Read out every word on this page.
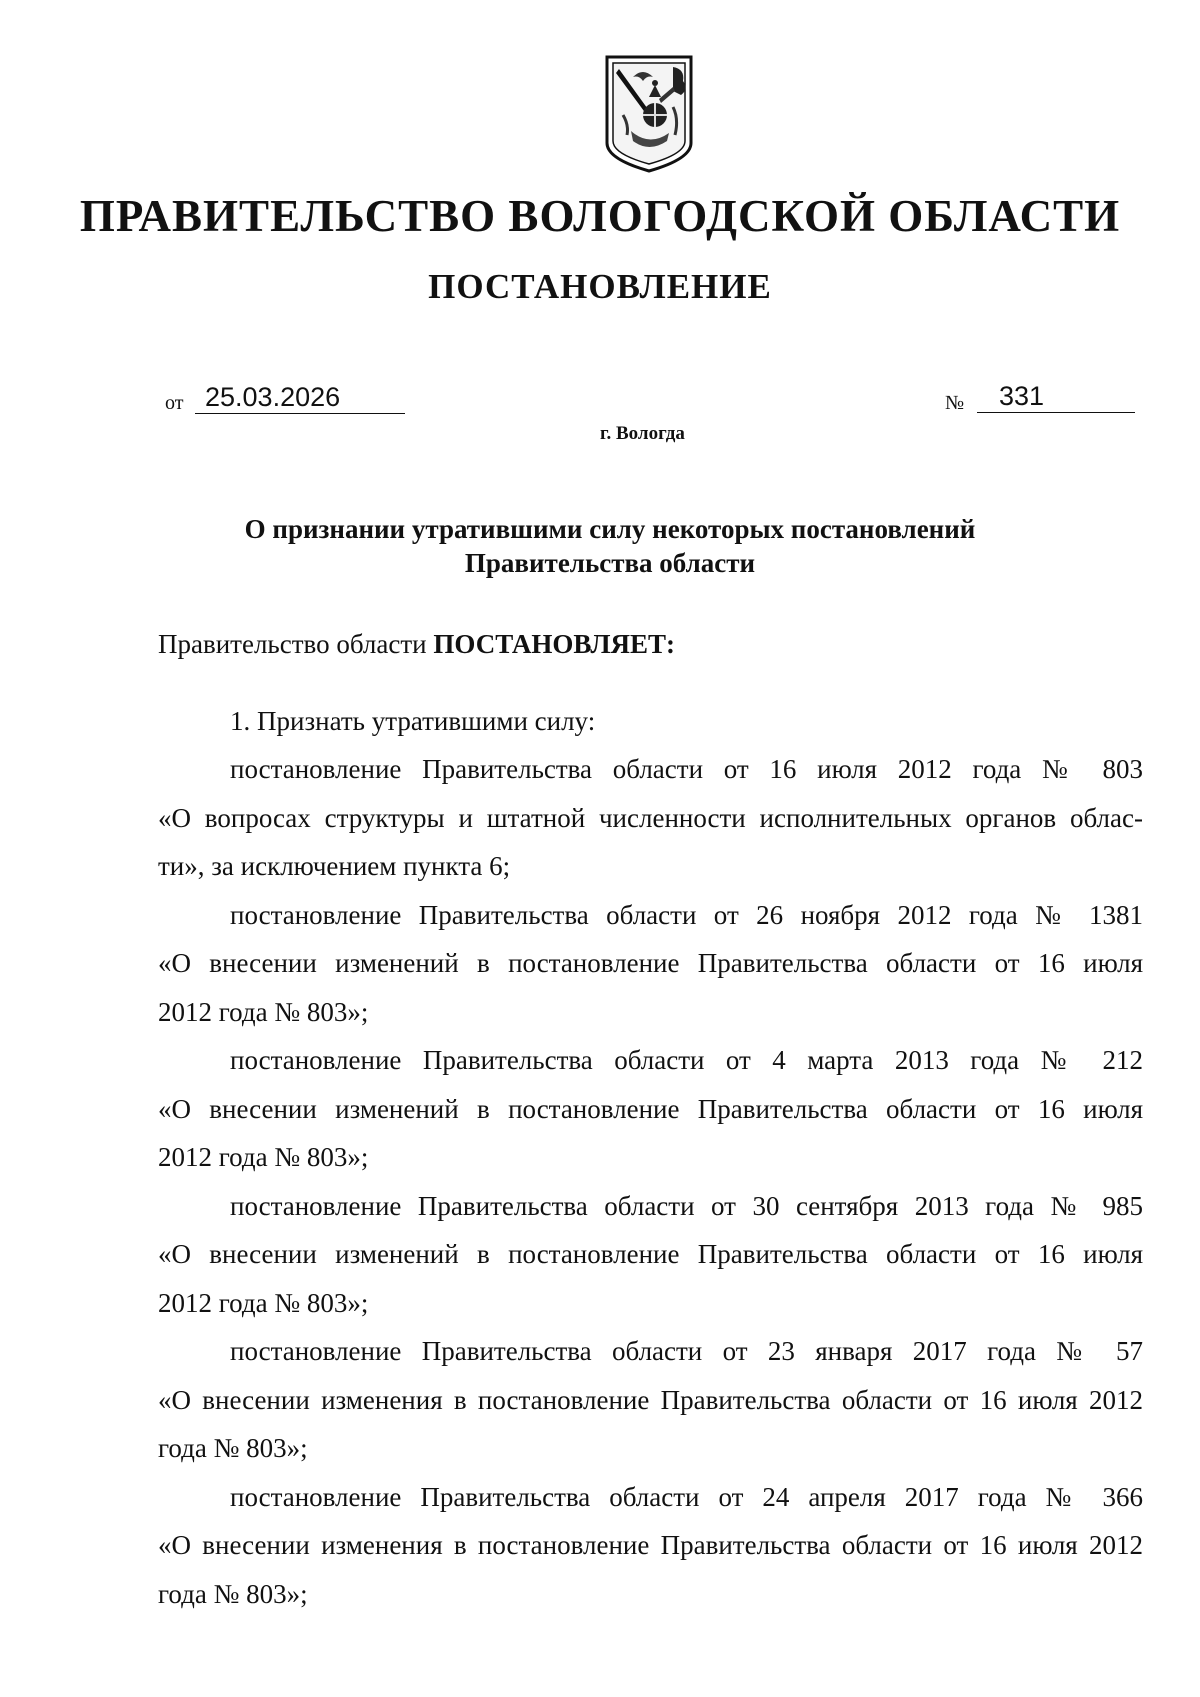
ПРАВИТЕЛЬСТВО ВОЛОГОДСКОЙ ОБЛАСТИ
ПОСТАНОВЛЕНИЕ
от 25.03.2026	№	331
г. Вологда
О признании утратившими силу некоторых постановлений
Правительства области

Правительство области ПОСТАНОВЛЯЕТ:

1. Признать утратившими силу:

постановление Правительства области от 16 июля 2012 года № 803

«О вопросах структуры и штатной численности исполнительных органов облас-

ти», за исключением пункта 6;

постановление Правительства области от 26 ноября 2012 года № 1381

«О внесении изменений в постановление Правительства области от 16 июля

2012 года № 803»;

постановление Правительства области от 4 марта 2013 года № 212

«О внесении изменений в постановление Правительства области от 16 июля

2012 года № 803»;

постановление Правительства области от 30 сентября 2013 года № 985

«О внесении изменений в постановление Правительства области от 16 июля

2012 года № 803»;

постановление Правительства области от 23 января 2017 года № 57

«О внесении изменения в постановление Правительства области от 16 июля 2012

года № 803»;

постановление Правительства области от 24 апреля 2017 года № 366

«О внесении изменения в постановление Правительства области от 16 июля 2012

года № 803»;
